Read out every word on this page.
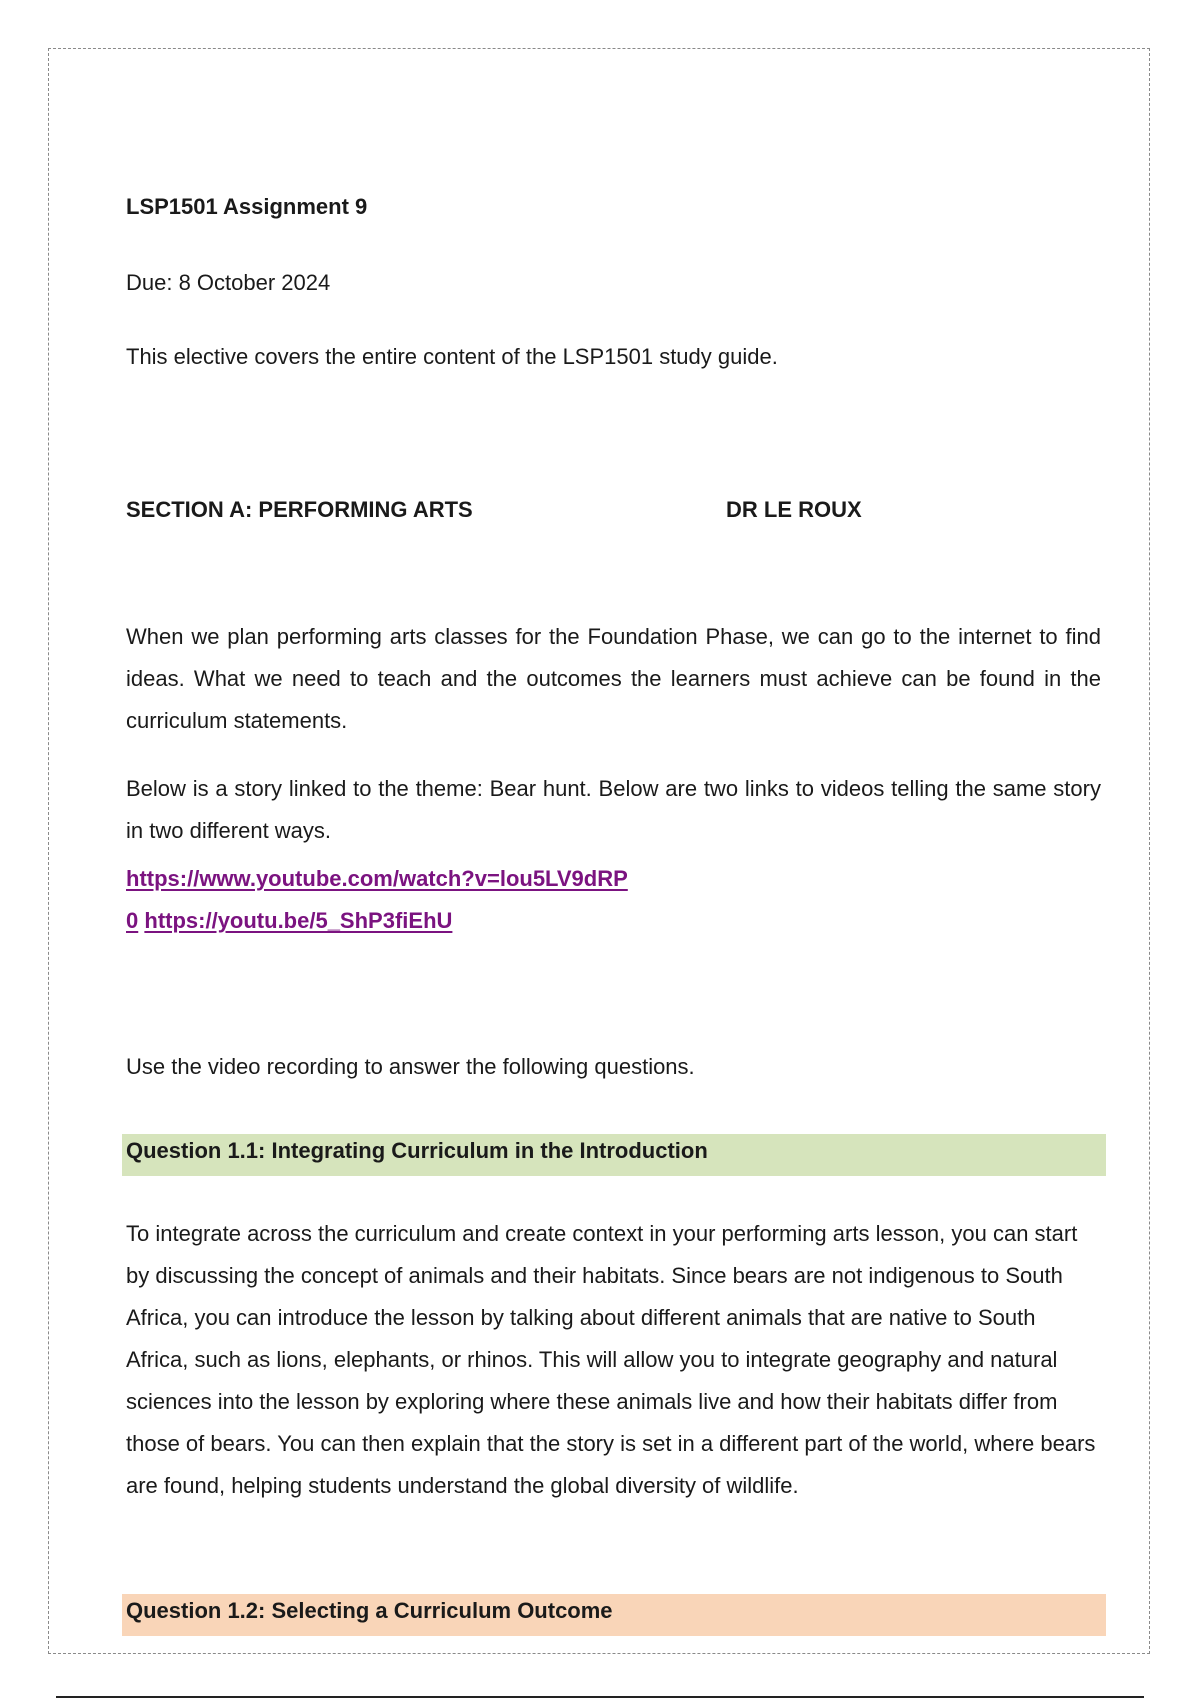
LSP1501 Assignment 9
Due: 8 October 2024
This elective covers the entire content of the LSP1501 study guide.
SECTION A: PERFORMING ARTS	DR LE ROUX
When we plan performing arts classes for the Foundation Phase, we can go to the internet to find ideas. What we need to teach and the outcomes the learners must achieve can be found in the curriculum statements.
Below is a story linked to the theme: Bear hunt. Below are two links to videos telling the same story in two different ways.
https://www.youtube.com/watch?v=lou5LV9dRP
0 https://youtu.be/5_ShP3fiEhU
Use the video recording to answer the following questions.
Question 1.1: Integrating Curriculum in the Introduction
To integrate across the curriculum and create context in your performing arts lesson, you can start by discussing the concept of animals and their habitats. Since bears are not indigenous to South Africa, you can introduce the lesson by talking about different animals that are native to South Africa, such as lions, elephants, or rhinos. This will allow you to integrate geography and natural sciences into the lesson by exploring where these animals live and how their habitats differ from those of bears. You can then explain that the story is set in a different part of the world, where bears are found, helping students understand the global diversity of wildlife.
Question 1.2: Selecting a Curriculum Outcome
